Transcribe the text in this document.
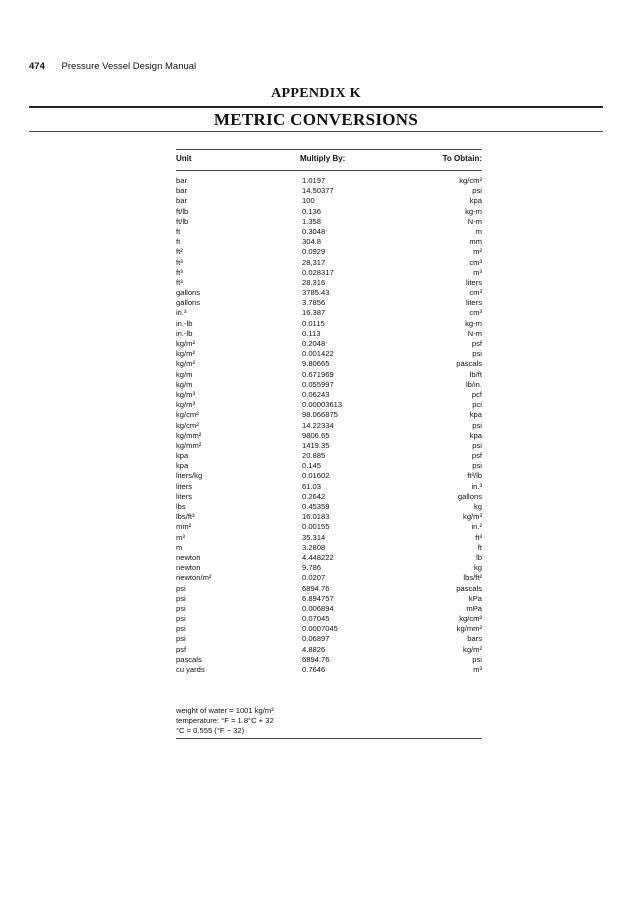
474 Pressure Vessel Design Manual
APPENDIX K
METRIC CONVERSIONS
Unit	Multiply By:	To Obtain:
bar	1.0197	kg/cm²
bar	14.50377	psi
bar	100	kpa
ft/lb	0.136	kg-m
ft/lb	1.358	N-m
ft	0.3048	m
ft	304.8	mm
ft²	0.0929	m²
ft³	28,317	cm³
ft³	0.028317	m³
ft³	28.316	liters
gallons	3785.43	cm³
gallons	3.7856	liters
in.³	16.387	cm³
in.-lb	0.0115	kg-m
in.-lb	0.113	N-m
kg/m²	0.2048	psf
kg/m²	0.001422	psi
kg/m²	9.80665	pascals
kg/m	0.671969	lb/ft
kg/m	0.055997	lb/in.
kg/m³	0.06243	pcf
kg/m³	0.00003613	pci
kg/cm²	98.066875	kpa
kg/cm²	14.22334	psi
kg/mm²	9806.65	kpa
kg/mm²	1419.35	psi
kpa	20.885	psf
kpa	0.145	psi
liters/kg	0.01602	ft³/lb
liters	61.03	in.³
liters	0.2642	gallons
lbs	0.45359	kg
lbs/ft³	16.0183	kg/m³
mm²	0.00155	in.²
m³	35.314	ft³
m	3.2808	ft
newton	4.448222	lb
newton	9.786	kg
newton/m²	0.0207	lbs/ft²
psi	6894.76	pascals
psi	6.894757	kPa
psi	0.006894	mPa
psi	0.07045	kg/cm²
psi	0.0007045	kg/mm²
psi	0.06897	bars
psf	4.8826	kg/m²
pascals	6894.76	psi
cu yards	0.7646	m³
weight of water = 1001 kg/m³
temperature: °F = 1.8°C + 32
°C = 0.555 (°F − 32)
